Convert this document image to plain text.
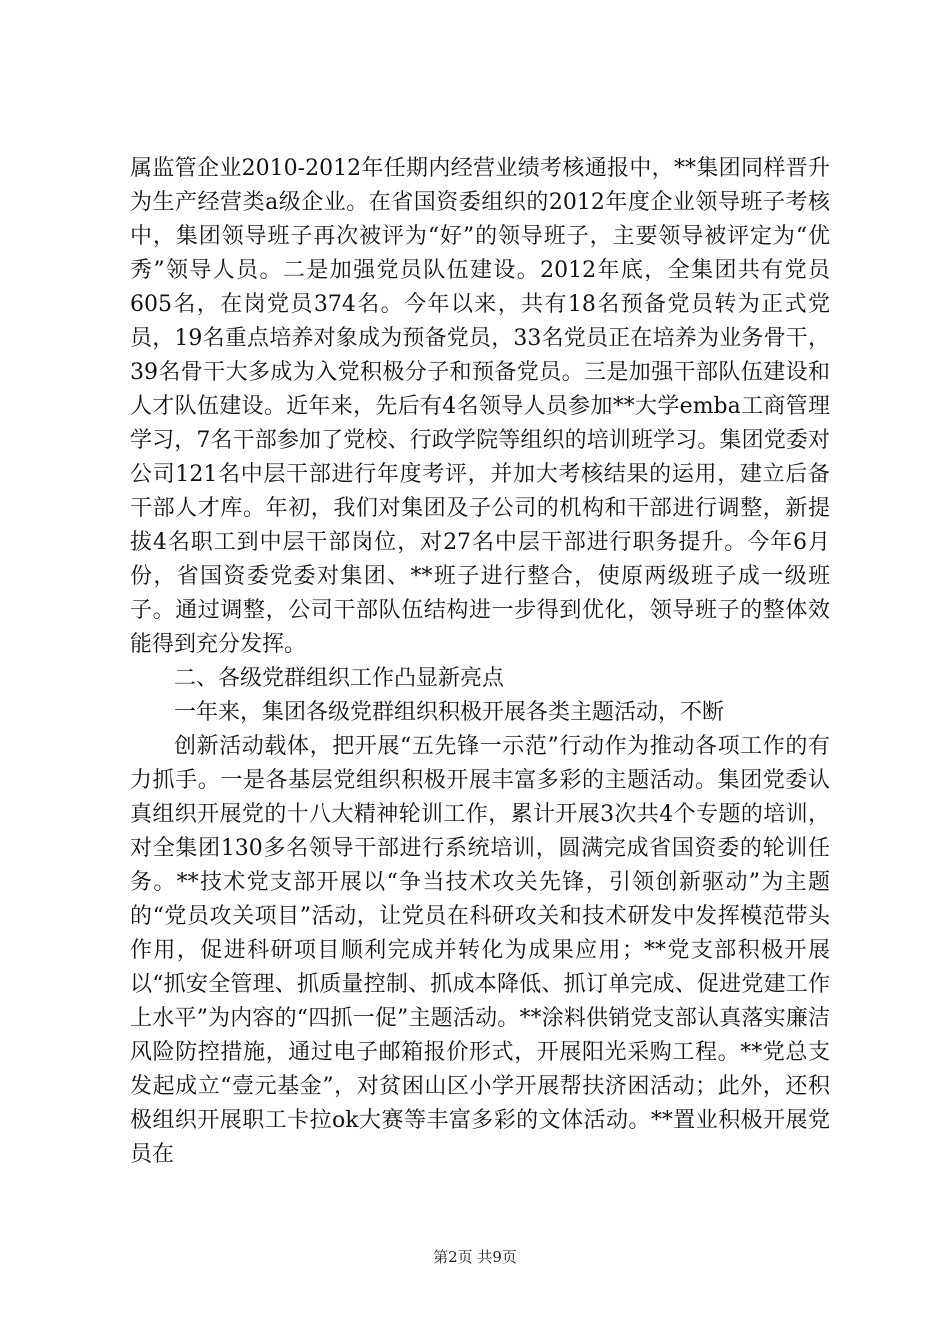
属监管企业2010-2012年任期内经营业绩考核通报中，**集团同样晋升为生产经营类a级企业。在省国资委组织的2012年度企业领导班子考核中，集团领导班子再次被评为“好”的领导班子，主要领导被评定为“优秀”领导人员。二是加强党员队伍建设。2012年底，全集团共有党员605名，在岗党员374名。今年以来，共有18名预备党员转为正式党员，19名重点培养对象成为预备党员，33名党员正在培养为业务骨干，39名骨干大多成为入党积极分子和预备党员。三是加强干部队伍建设和人才队伍建设。近年来，先后有4名领导人员参加**大学emba工商管理学习，7名干部参加了党校、行政学院等组织的培训班学习。集团党委对公司121名中层干部进行年度考评，并加大考核结果的运用，建立后备干部人才库。年初，我们对集团及子公司的机构和干部进行调整，新提拔4名职工到中层干部岗位，对27名中层干部进行职务提升。今年6月份，省国资委党委对集团、**班子进行整合，使原两级班子成一级班子。通过调整，公司干部队伍结构进一步得到优化，领导班子的整体效能得到充分发挥。

二、各级党群组织工作凸显新亮点

一年来，集团各级党群组织积极开展各类主题活动，不断

创新活动载体，把开展“五先锋一示范”行动作为推动各项工作的有力抓手。一是各基层党组织积极开展丰富多彩的主题活动。集团党委认真组织开展党的十八大精神轮训工作，累计开展3次共4个专题的培训，对全集团130多名领导干部进行系统培训，圆满完成省国资委的轮训任务。**技术党支部开展以“争当技术攻关先锋，引领创新驱动”为主题的“党员攻关项目”活动，让党员在科研攻关和技术研发中发挥模范带头作用，促进科研项目顺利完成并转化为成果应用；**党支部积极开展以“抓安全管理、抓质量控制、抓成本降低、抓订单完成、促进党建工作上水平”为内容的“四抓一促”主题活动。**涂料供销党支部认真落实廉洁风险防控措施，通过电子邮箱报价形式，开展阳光采购工程。**党总支发起成立“壹元基金”，对贫困山区小学开展帮扶济困活动；此外，还积极组织开展职工卡拉ok大赛等丰富多彩的文体活动。**置业积极开展党员在

第2页 共9页
